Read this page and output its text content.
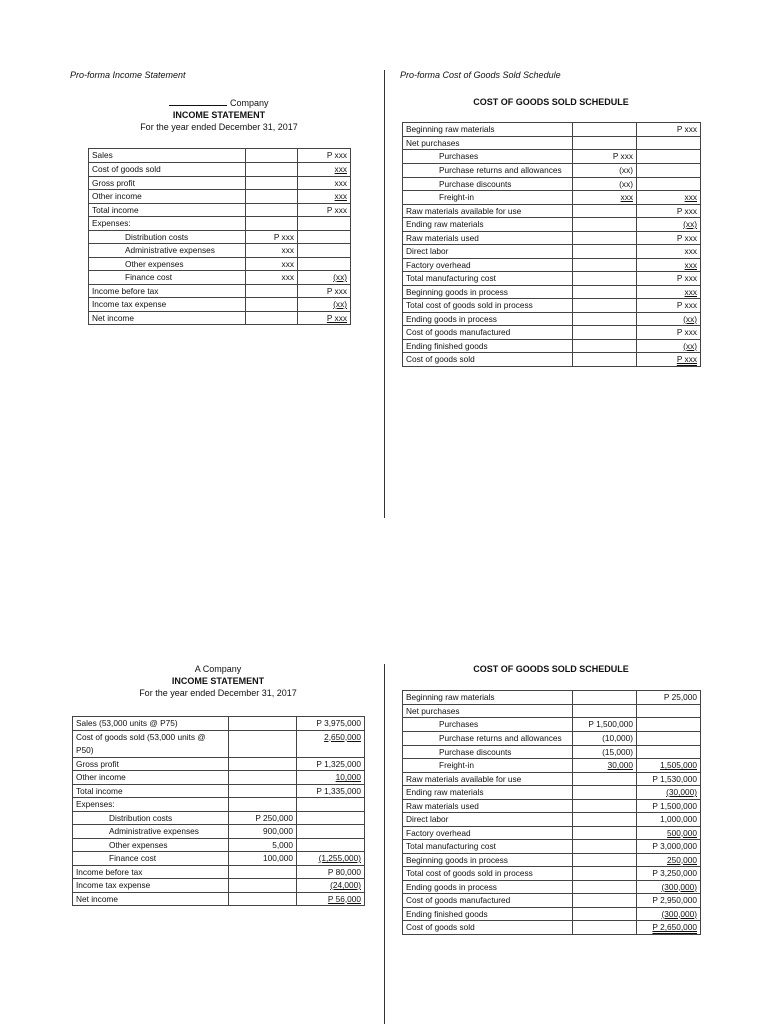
Pro-forma Income Statement
Company
INCOME STATEMENT
For the year ended December 31, 2017
Sales		P xxx
Cost of goods sold		xxx
Gross profit		xxx
Other income		xxx
Total income		P xxx
Expenses:		
Distribution costs	P xxx	
Administrative expenses	xxx	
Other expenses	xxx	
Finance cost	xxx	(xx)
Income before tax		P xxx
Income tax expense		(xx)
Net income		P xxx
Pro-forma Cost of Goods Sold Schedule
COST OF GOODS SOLD SCHEDULE
Beginning raw materials		P xxx
Net purchases		
Purchases	P xxx	
Purchase returns and allowances	(xx)	
Purchase discounts	(xx)	
Freight-in	xxx	xxx
Raw materials available for use		P xxx
Ending raw materials		(xx)
Raw materials used		P xxx
Direct labor		xxx
Factory overhead		xxx
Total manufacturing cost		P xxx
Beginning goods in process		xxx
Total cost of goods sold in process		P xxx
Ending goods in process		(xx)
Cost of goods manufactured		P xxx
Ending finished goods		(xx)
Cost of goods sold		P xxx
A Company
INCOME STATEMENT
For the year ended December 31, 2017
Sales (53,000 units @ P75)		P 3,975,000
Cost of goods sold (53,000 units @ P50)		2,650,000
Gross profit		P 1,325,000
Other income		10,000
Total income		P 1,335,000
Expenses:		
Distribution costs	P 250,000	
Administrative expenses	900,000	
Other expenses	5,000	
Finance cost	100,000	(1,255,000)
Income before tax		P 80,000
Income tax expense		(24,000)
Net income		P 56,000
COST OF GOODS SOLD SCHEDULE
Beginning raw materials		P 25,000
Net purchases		
Purchases	P 1,500,000	
Purchase returns and allowances	(10,000)	
Purchase discounts	(15,000)	
Freight-in	30,000	1,505,000
Raw materials available for use		P 1,530,000
Ending raw materials		(30,000)
Raw materials used		P 1,500,000
Direct labor		1,000,000
Factory overhead		500,000
Total manufacturing cost		P 3,000,000
Beginning goods in process		250,000
Total cost of goods sold in process		P 3,250,000
Ending goods in process		(300,000)
Cost of goods manufactured		P 2,950,000
Ending finished goods		(300,000)
Cost of goods sold		P 2,650,000
